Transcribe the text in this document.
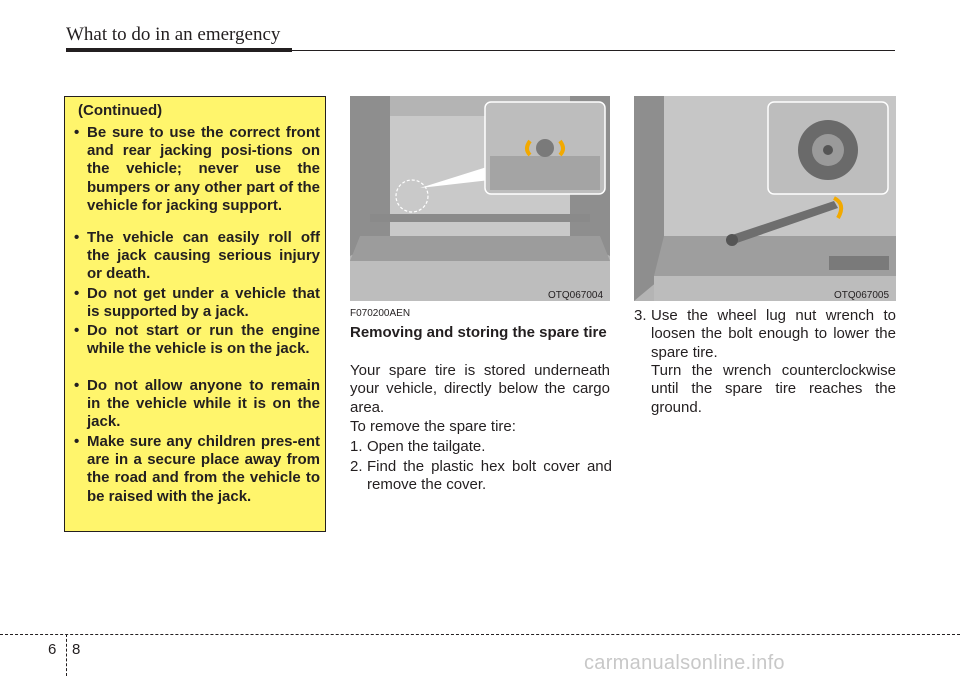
What to do in an emergency
(Continued)
• Be sure to use the correct front and rear jacking posi-tions on the vehicle; never use the bumpers or any other part of the vehicle for jacking support.
• The vehicle can easily roll off the jack causing serious injury or death.
• Do not get under a vehicle that is supported by a jack.
• Do not start or run the engine while the vehicle is on the jack.
• Do not allow anyone to remain in the vehicle while it is on the jack.
• Make sure any children pres-ent are in a secure place away from the road and from the vehicle to be raised with the jack.
OTQ067004	OTQ067005
F070200AEN
Removing and storing the spare tire
Your spare tire is stored underneath your vehicle, directly below the cargo area.
To remove the spare tire:
1. Open the tailgate.
2. Find the plastic hex bolt cover and remove the cover.
3. Use the wheel lug nut wrench to loosen the bolt enough to lower the spare tire.
Turn the wrench counterclockwise until the spare tire reaches the ground.
6 8
carmanualsonline.info
